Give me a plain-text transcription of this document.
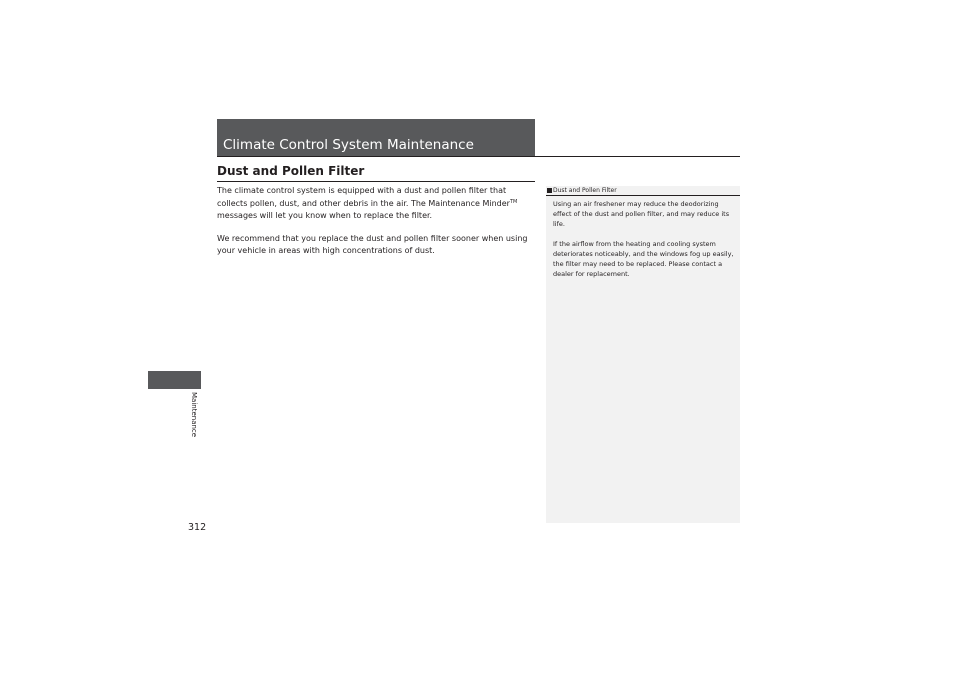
Climate Control System Maintenance
Dust and Pollen Filter

The climate control system is equipped with a dust and pollen filter that collects pollen, dust, and other debris in the air. The Maintenance Minder™ messages will let you know when to replace the filter.

We recommend that you replace the dust and pollen filter sooner when using your vehicle in areas with high concentrations of dust.

Dust and Pollen Filter

Using an air freshener may reduce the deodorizing effect of the dust and pollen filter, and may reduce its life.

If the airflow from the heating and cooling system deteriorates noticeably, and the windows fog up easily, the filter may need to be replaced. Please contact a dealer for replacement.

Maintenance
312
